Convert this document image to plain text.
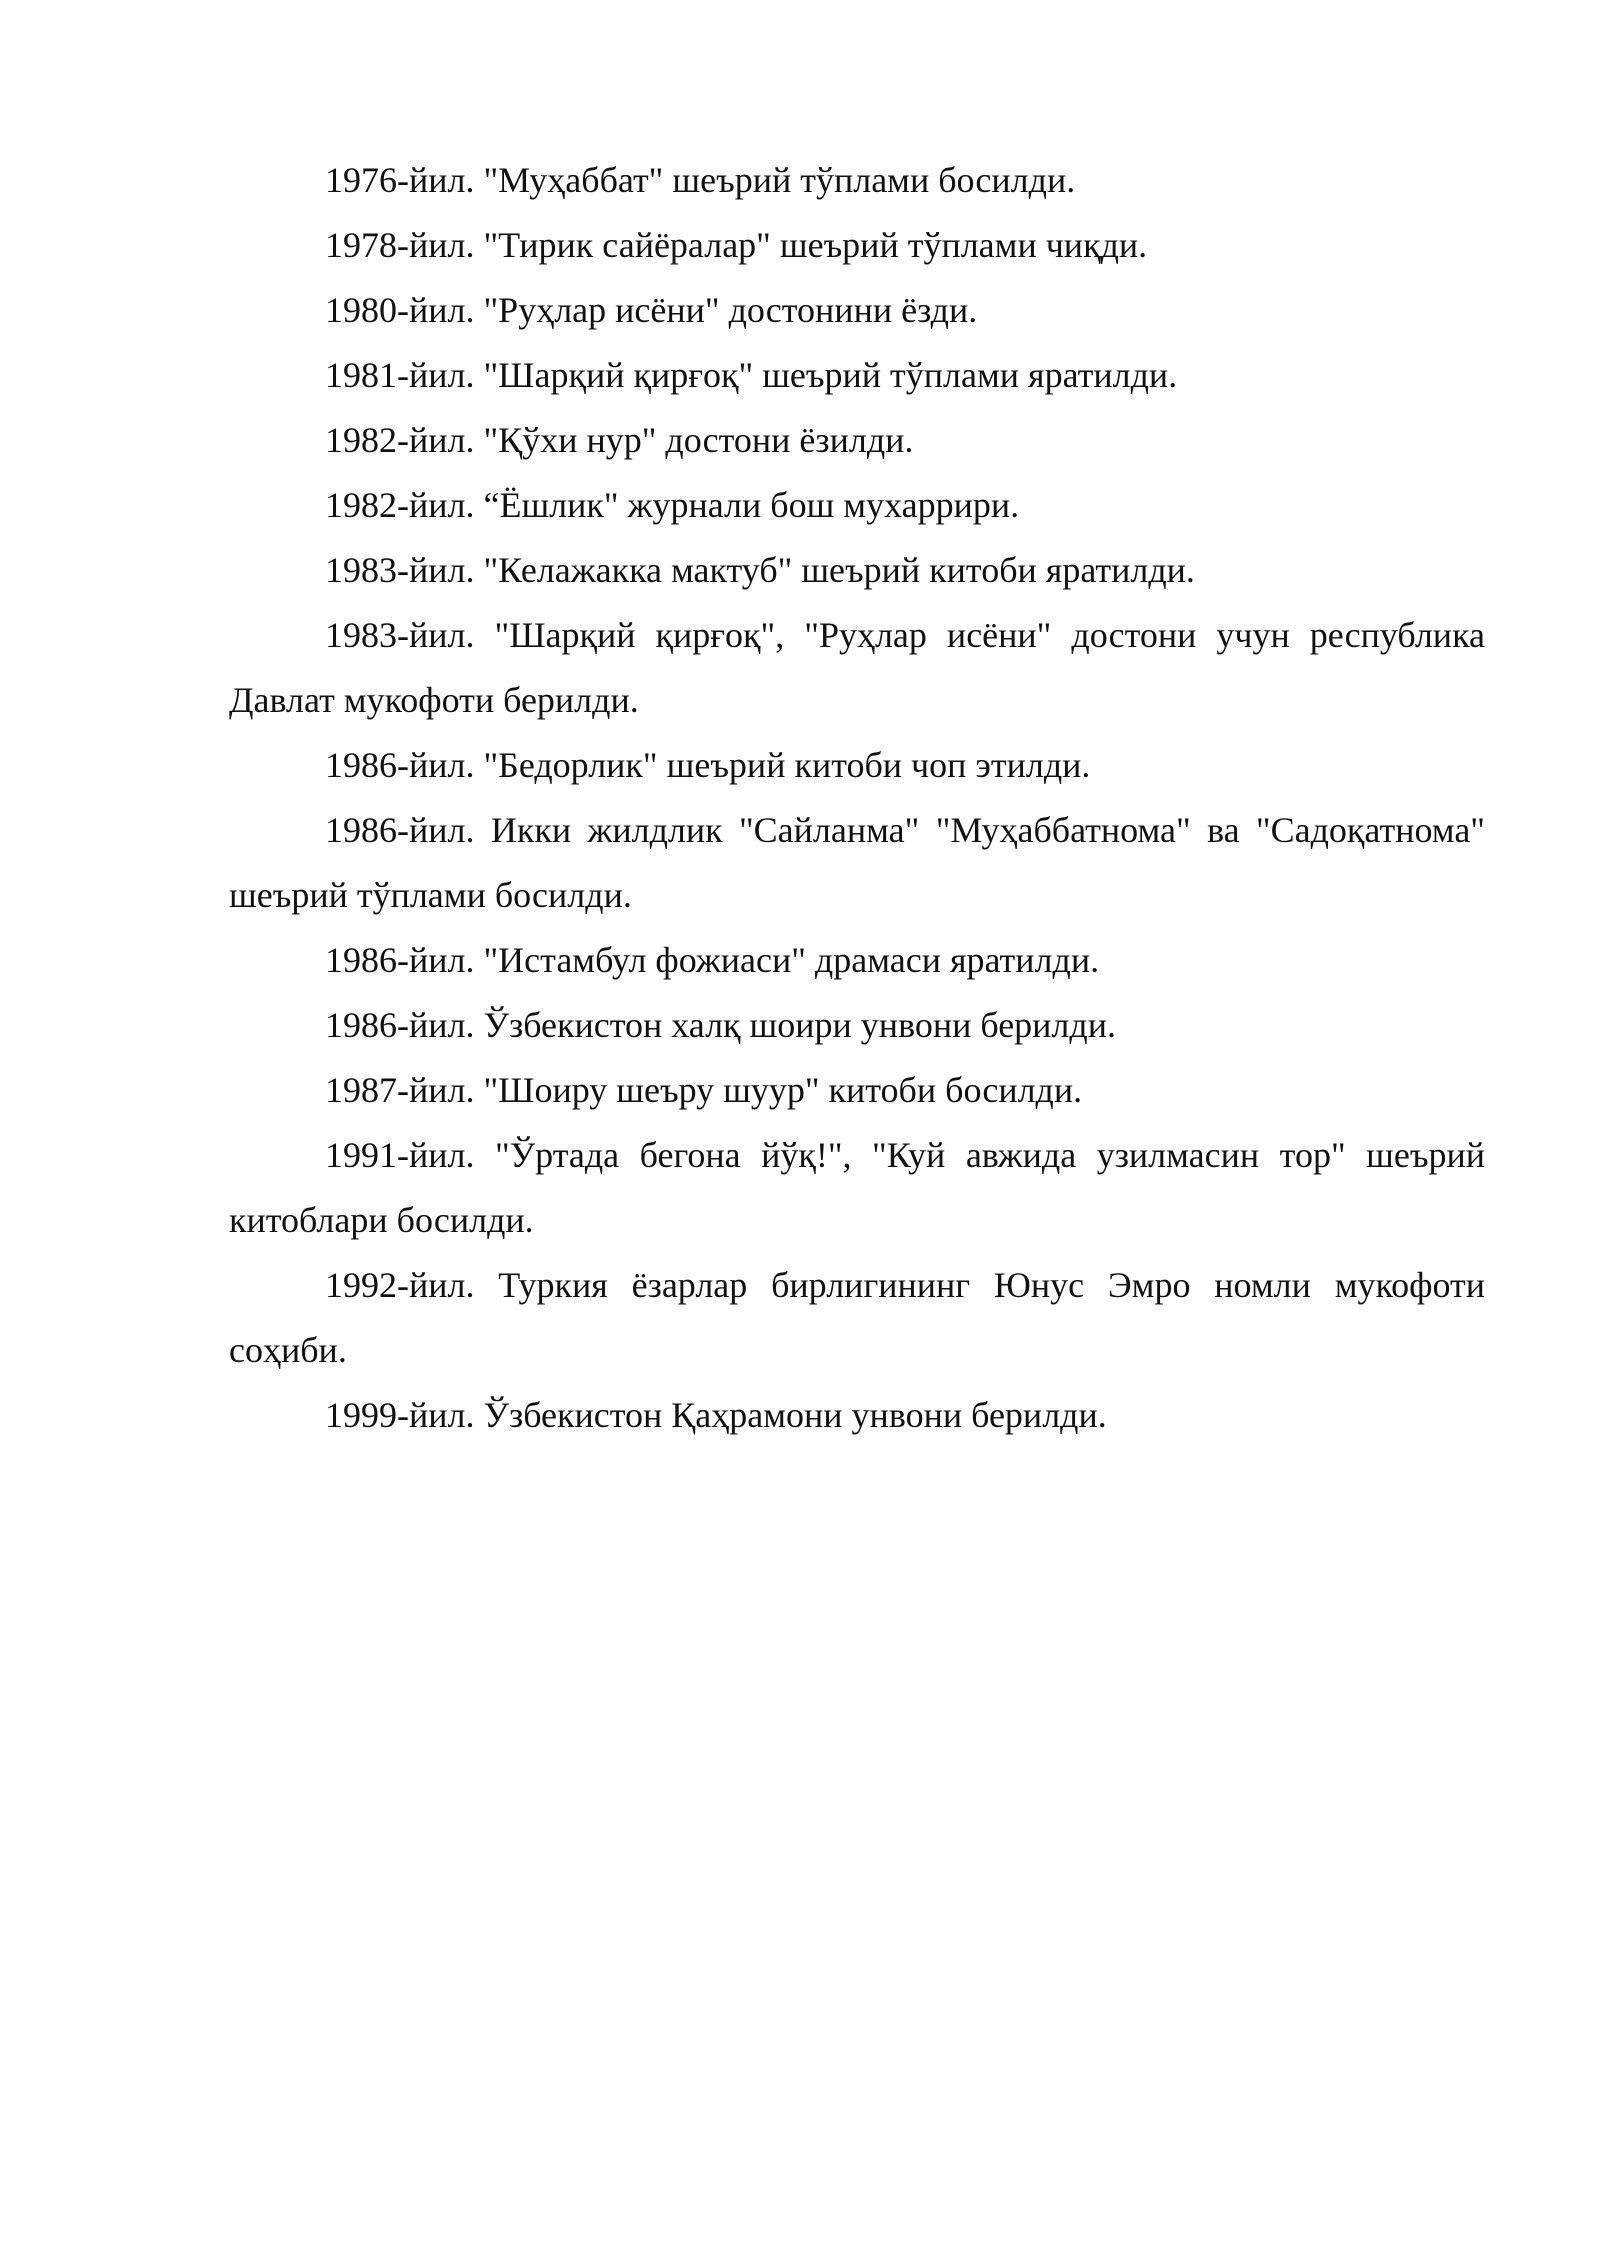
1976-йил. "Муҳаббат" шеърий тўплами босилди.

1978-йил. "Тирик сайёралар" шеърий тўплами чиқди.

1980-йил. "Руҳлар исёни" достонини ёзди.

1981-йил. "Шарқий қирғоқ" шеърий тўплами яратилди.

1982-йил. "Қўхи нур" достони ёзилди.

1982-йил. “Ёшлик" журнали бош мухаррири.

1983-йил. "Келажакка мактуб" шеърий китоби яратилди.

1983-йил. "Шарқий қирғоқ", "Руҳлар исёни" достони учун республика Давлат мукофоти берилди.

1986-йил. "Бедорлик" шеърий китоби чоп этилди.

1986-йил. Икки жилдлик "Сайланма" "Муҳаббатнома" ва "Садоқатнома" шеърий тўплами босилди.

1986-йил. "Истамбул фожиаси" драмаси яратилди.

1986-йил. Ўзбекистон халқ шоири унвони берилди.

1987-йил. "Шоиру шеъру шуур" китоби босилди.

1991-йил. "Ўртада бегона йўқ!", "Куй авжида узилмасин тор" шеърий китоблари босилди.

1992-йил. Туркия ёзарлар бирлигининг Юнус Эмро номли мукофоти соҳиби.

1999-йил. Ўзбекистон Қаҳрамони унвони берилди.
